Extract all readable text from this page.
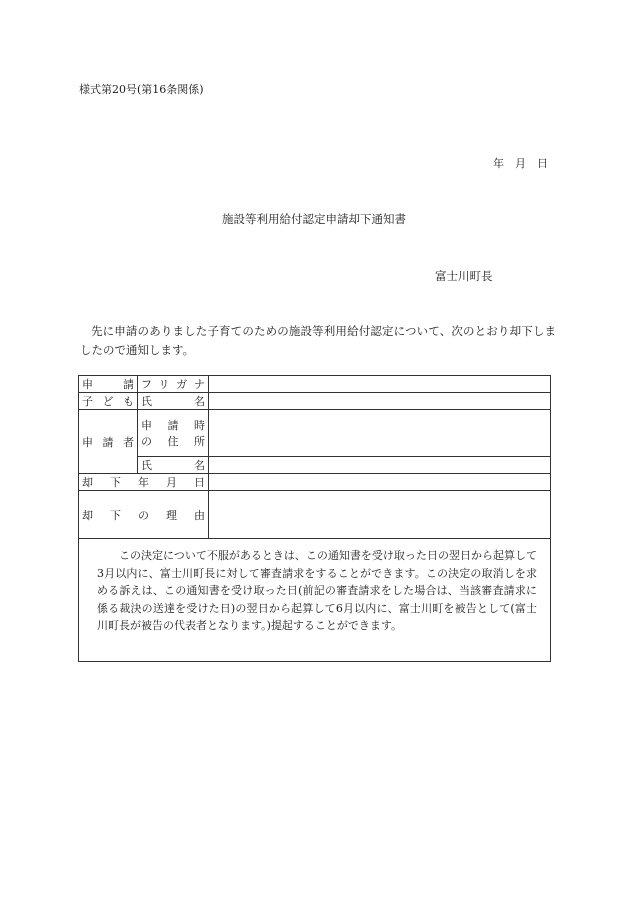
様式第20号(第16条関係)
年　月　日
施設等利用給付認定申請却下通知書
富士川町長
先に申請のありました子育てのための施設等利用給付認定について、次のとおり却下しましたので通知します。
申　　請	フリガナ	

子 ど も	氏　　名	

申 請 者	申　請　時
の　住　所	

	氏　　名	

却　下　年　月　日		

却　下　の　理　由		

この決定について不服があるときは、この通知書を受け取った日の翌日から起算して3月以内に、富士川町長に対して審査請求をすることができます。この決定の取消しを求める訴えは、この通知書を受け取った日(前記の審査請求をした場合は、当該審査請求に係る裁決の送達を受けた日)の翌日から起算して6月以内に、富士川町を被告として(富士川町長が被告の代表者となります。)提起することができます。
